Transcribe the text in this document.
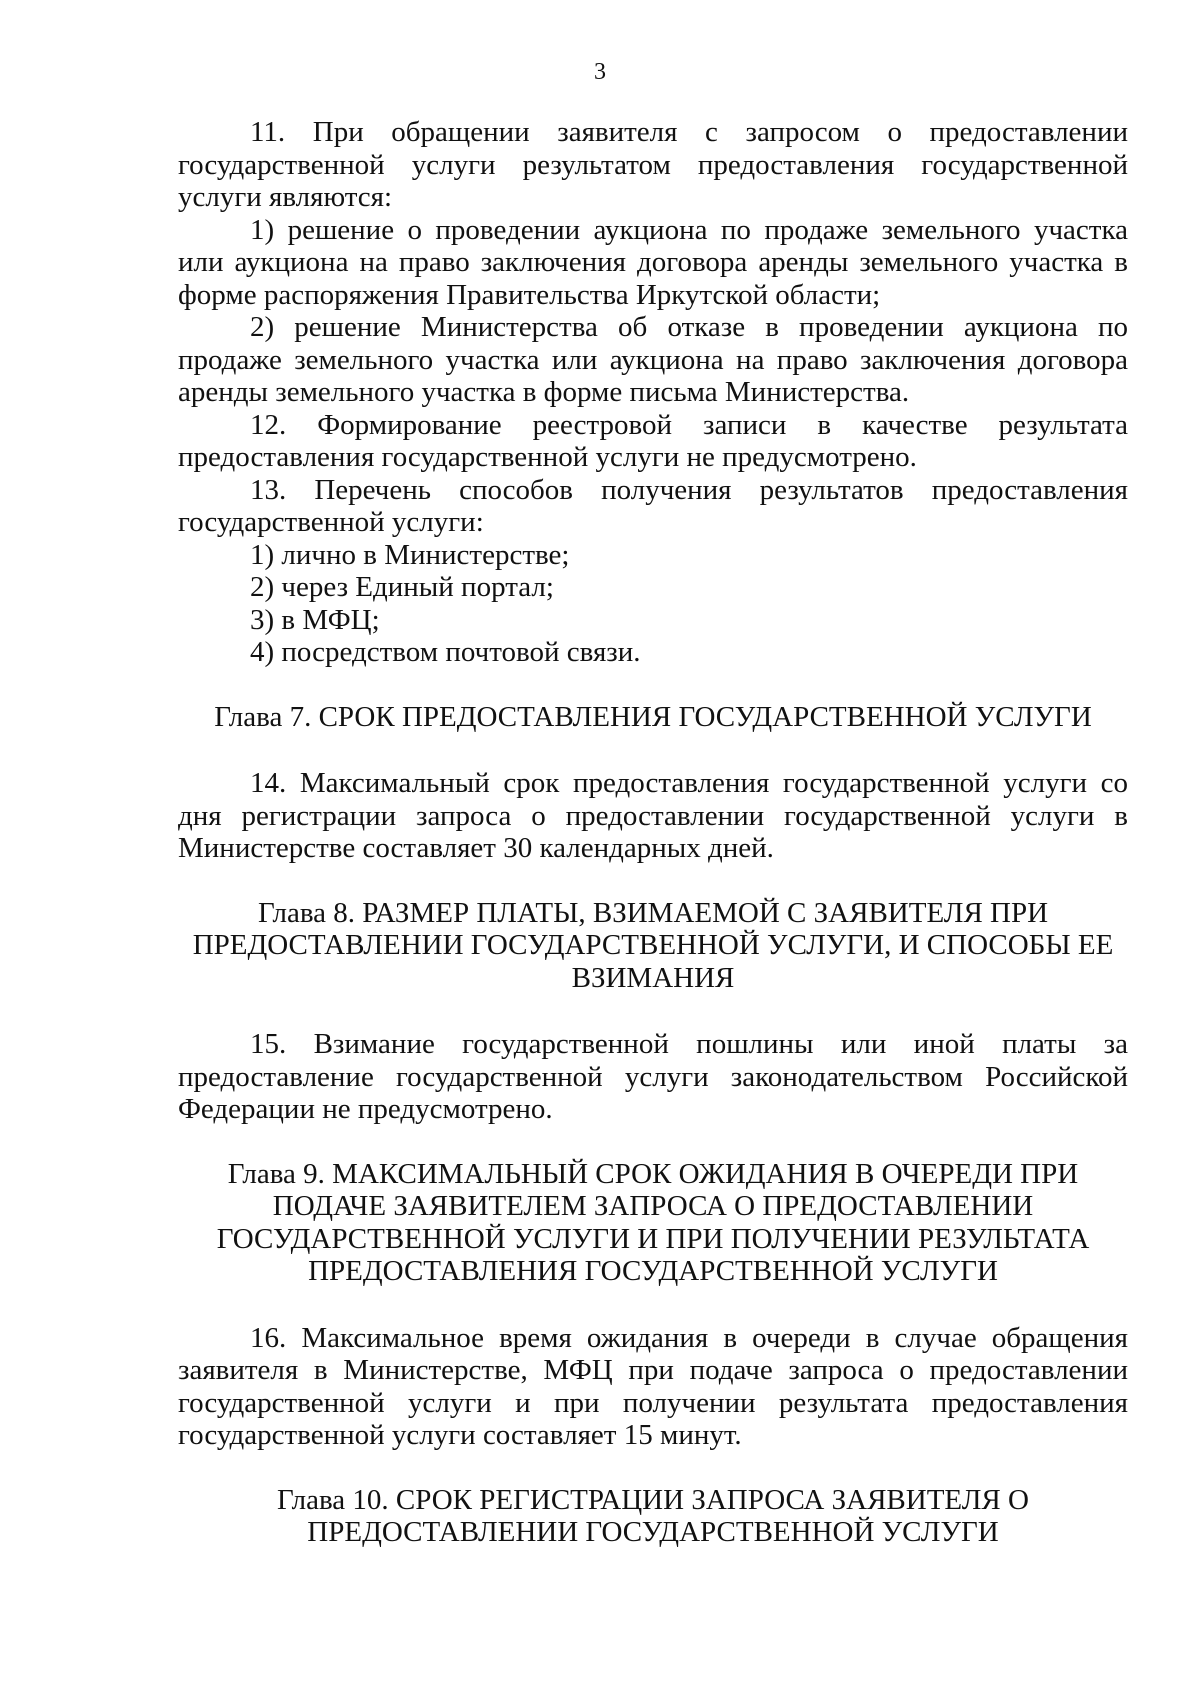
3

11. При обращении заявителя с запросом о предоставлении государственной услуги результатом предоставления государственной услуги являются:

1) решение о проведении аукциона по продаже земельного участка или аукциона на право заключения договора аренды земельного участка в форме распоряжения Правительства Иркутской области;

2) решение Министерства об отказе в проведении аукциона по продаже земельного участка или аукциона на право заключения договора аренды земельного участка в форме письма Министерства.

12. Формирование реестровой записи в качестве результата предоставления государственной услуги не предусмотрено.

13. Перечень способов получения результатов предоставления государственной услуги:

1) лично в Министерстве;

2) через Единый портал;

3) в МФЦ;

4) посредством почтовой связи.

Глава 7. СРОК ПРЕДОСТАВЛЕНИЯ ГОСУДАРСТВЕННОЙ УСЛУГИ

14. Максимальный срок предоставления государственной услуги со дня регистрации запроса о предоставлении государственной услуги в Министерстве составляет 30 календарных дней.

Глава 8. РАЗМЕР ПЛАТЫ, ВЗИМАЕМОЙ С ЗАЯВИТЕЛЯ ПРИ

ПРЕДОСТАВЛЕНИИ ГОСУДАРСТВЕННОЙ УСЛУГИ, И СПОСОБЫ ЕЕ

ВЗИМАНИЯ

15. Взимание государственной пошлины или иной платы за предоставление государственной услуги законодательством Российской Федерации не предусмотрено.

Глава 9. МАКСИМАЛЬНЫЙ СРОК ОЖИДАНИЯ В ОЧЕРЕДИ ПРИ

ПОДАЧЕ ЗАЯВИТЕЛЕМ ЗАПРОСА О ПРЕДОСТАВЛЕНИИ

ГОСУДАРСТВЕННОЙ УСЛУГИ И ПРИ ПОЛУЧЕНИИ РЕЗУЛЬТАТА

ПРЕДОСТАВЛЕНИЯ ГОСУДАРСТВЕННОЙ УСЛУГИ

16. Максимальное время ожидания в очереди в случае обращения заявителя в Министерстве, МФЦ при подаче запроса о предоставлении государственной услуги и при получении результата предоставления государственной услуги составляет 15 минут.

Глава 10. СРОК РЕГИСТРАЦИИ ЗАПРОСА ЗАЯВИТЕЛЯ О

ПРЕДОСТАВЛЕНИИ ГОСУДАРСТВЕННОЙ УСЛУГИ
